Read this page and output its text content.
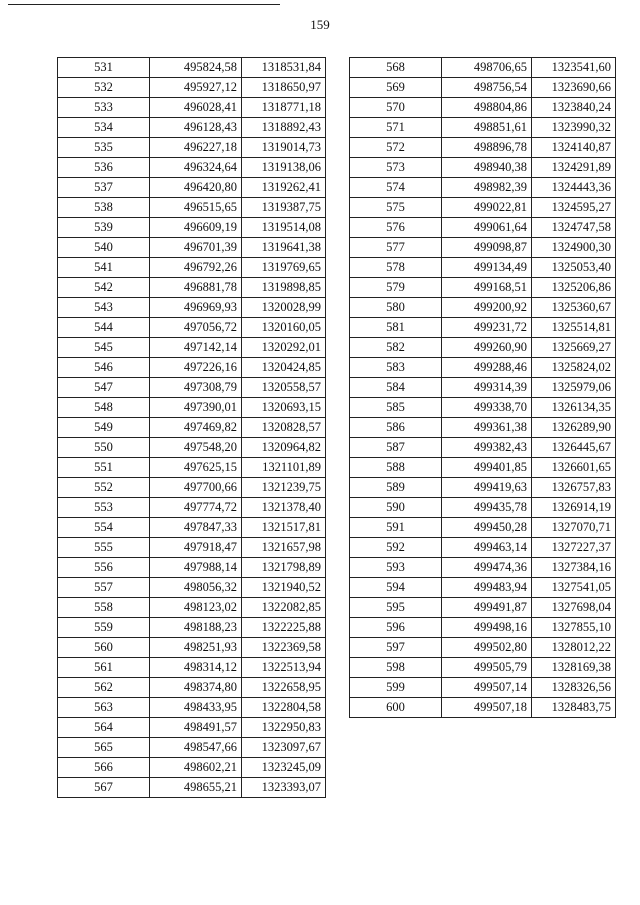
159
531	495824,58	1318531,84
532	495927,12	1318650,97
533	496028,41	1318771,18
534	496128,43	1318892,43
535	496227,18	1319014,73
536	496324,64	1319138,06
537	496420,80	1319262,41
538	496515,65	1319387,75
539	496609,19	1319514,08
540	496701,39	1319641,38
541	496792,26	1319769,65
542	496881,78	1319898,85
543	496969,93	1320028,99
544	497056,72	1320160,05
545	497142,14	1320292,01
546	497226,16	1320424,85
547	497308,79	1320558,57
548	497390,01	1320693,15
549	497469,82	1320828,57
550	497548,20	1320964,82
551	497625,15	1321101,89
552	497700,66	1321239,75
553	497774,72	1321378,40
554	497847,33	1321517,81
555	497918,47	1321657,98
556	497988,14	1321798,89
557	498056,32	1321940,52
558	498123,02	1322082,85
559	498188,23	1322225,88
560	498251,93	1322369,58
561	498314,12	1322513,94
562	498374,80	1322658,95
563	498433,95	1322804,58
564	498491,57	1322950,83
565	498547,66	1323097,67
566	498602,21	1323245,09
567	498655,21	1323393,07
568	498706,65	1323541,60
569	498756,54	1323690,66
570	498804,86	1323840,24
571	498851,61	1323990,32
572	498896,78	1324140,87
573	498940,38	1324291,89
574	498982,39	1324443,36
575	499022,81	1324595,27
576	499061,64	1324747,58
577	499098,87	1324900,30
578	499134,49	1325053,40
579	499168,51	1325206,86
580	499200,92	1325360,67
581	499231,72	1325514,81
582	499260,90	1325669,27
583	499288,46	1325824,02
584	499314,39	1325979,06
585	499338,70	1326134,35
586	499361,38	1326289,90
587	499382,43	1326445,67
588	499401,85	1326601,65
589	499419,63	1326757,83
590	499435,78	1326914,19
591	499450,28	1327070,71
592	499463,14	1327227,37
593	499474,36	1327384,16
594	499483,94	1327541,05
595	499491,87	1327698,04
596	499498,16	1327855,10
597	499502,80	1328012,22
598	499505,79	1328169,38
599	499507,14	1328326,56
600	499507,18	1328483,75
